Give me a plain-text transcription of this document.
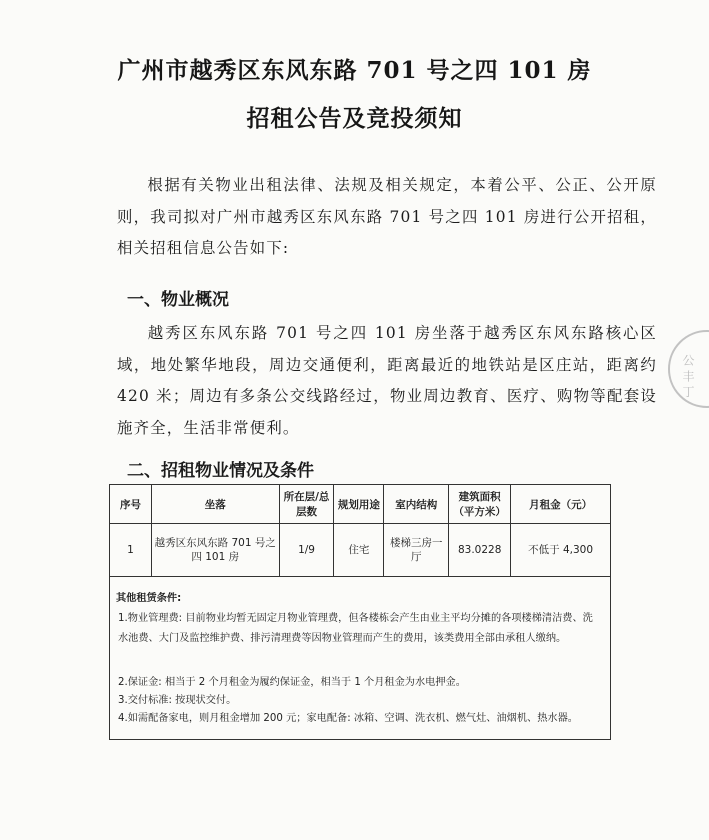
广州市越秀区东风东路 701 号之四 101 房
招租公告及竞投须知

根据有关物业出租法律、法规及相关规定，本着公平、公正、公开原则，我司拟对广州市越秀区东风东路 701 号之四 101 房进行公开招租，相关招租信息公告如下:

一、物业概况

越秀区东风东路 701 号之四 101 房坐落于越秀区东风东路核心区域，地处繁华地段，周边交通便利，距离最近的地铁站是区庄站，距离约 420 米；周边有多条公交线路经过，物业周边教育、医疗、购物等配套设施齐全，生活非常便利。

二、招租物业情况及条件
序号	坐落	所在层/总层数	规划用途	室内结构	建筑面积（平方米）	月租金（元）
1	越秀区东风东路 701 号之四 101 房	1/9	住宅	楼梯三房一厅	83.0228	不低于 4,300
其他租赁条件:
1.物业管理费: 目前物业均暂无固定月物业管理费，但各楼栋会产生由业主平均分摊的各项楼梯清洁费、洗水池费、大门及监控维护费、排污清理费等因物业管理而产生的费用，该类费用全部由承租人缴纳。
2.保证金: 相当于 2 个月租金为履约保证金，相当于 1 个月租金为水电押金。
3.交付标准: 按现状交付。
4.如需配备家电，则月租金增加 200 元；家电配备: 冰箱、空调、洗衣机、燃气灶、油烟机、热水器。
公 丰 丁
